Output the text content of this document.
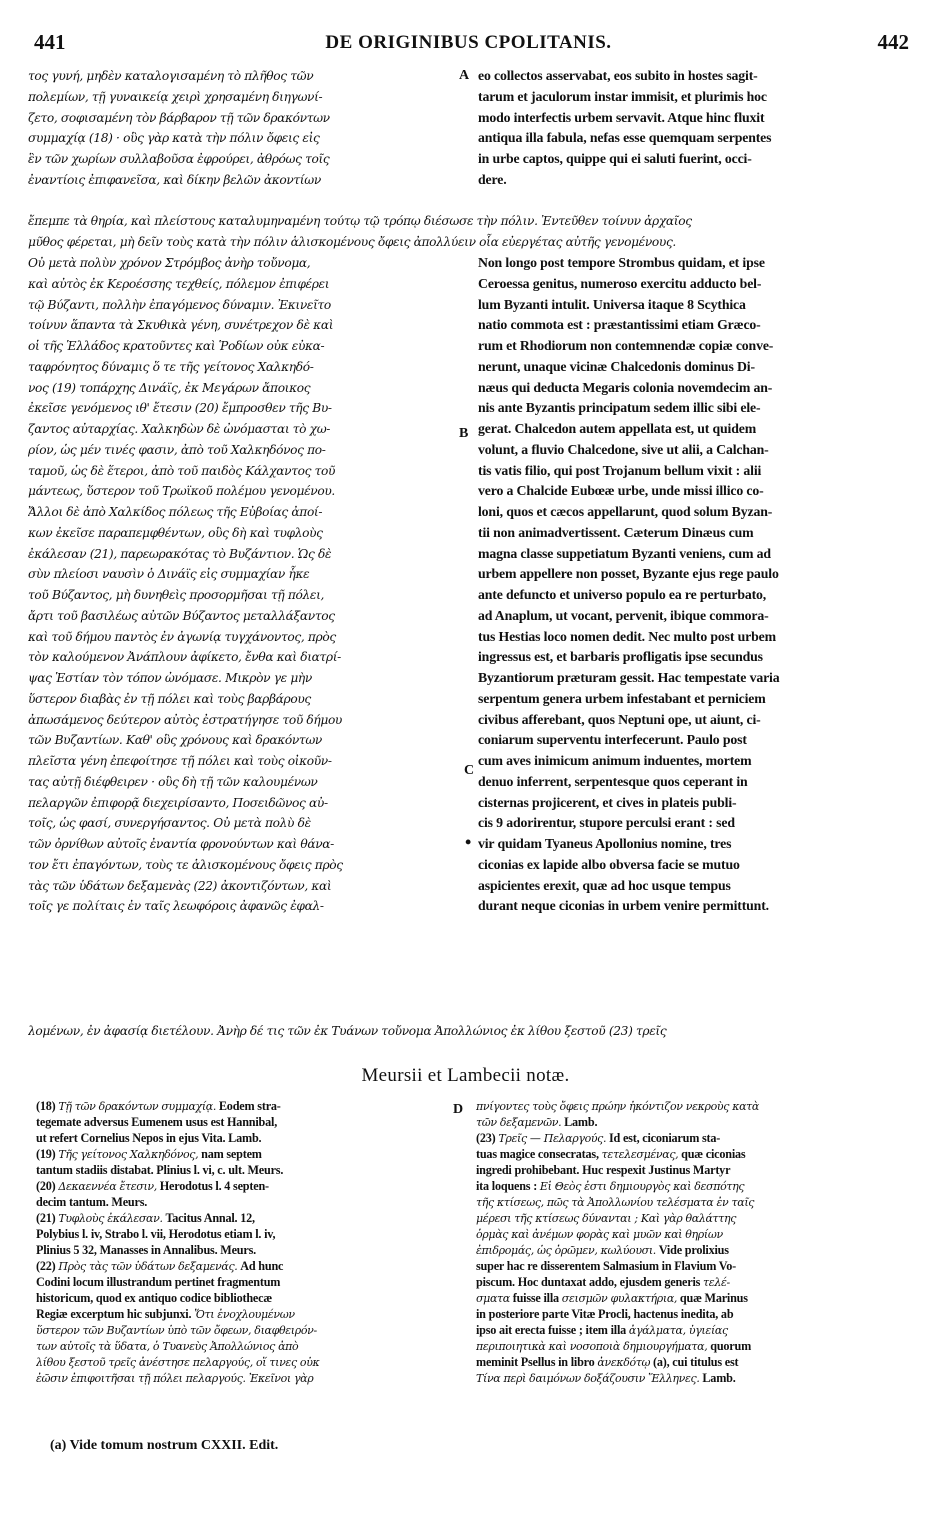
441	DE ORIGINIBUS CPOLITANIS.	442
τος γυνή, μηδὲν καταλογισαμένη τὸ πλῆθος τῶν
πολεμίων, τῇ γυναικείᾳ χειρὶ χρησαμένη διηγωνί-
ζετο, σοφισαμένη τὸν βάρβαρον τῇ τῶν δρακόντων
συμμαχίᾳ (18) · οὓς γὰρ κατὰ τὴν πόλιν ὄφεις εἰς
ἓν τῶν χωρίων συλλαβοῦσα ἐφρούρει, ἀθρόως τοῖς
ἐναντίοις ἐπιφανεῖσα, καὶ δίκην βελῶν ἀκοντίων
eo collectos asservabat, eos subito in hostes sagit-
tarum et jaculorum instar immisit, et plurimis hoc
modo interfectis urbem servavit. Atque hinc fluxit
antiqua illa fabula, nefas esse quemquam serpentes
in urbe captos, quippe qui ei saluti fuerint, occi-
dere.
ἔπεμπε τὰ θηρία, καὶ πλείστους καταλυμηναμένη τούτῳ τῷ τρόπῳ διέσωσε τὴν πόλιν. Ἐντεῦθεν τοίνυν ἀρχαῖος
μῦθος φέρεται, μὴ δεῖν τοὺς κατὰ τὴν πόλιν ἁλισκομένους ὄφεις ἀπολλύειν οἷα εὐεργέτας αὐτῆς γενομένους.
Οὐ μετὰ πολὺν χρόνον Στρόμβος ἀνὴρ τοὔνομα,
καὶ αὐτὸς ἐκ Κεροέσσης τεχθείς, πόλεμον ἐπιφέρει
τῷ Βύζαντι, πολλὴν ἐπαγόμενος δύναμιν. Ἐκινεῖτο
τοίνυν ἅπαντα τὰ Σκυθικὰ γένη, συνέτρεχον δὲ καὶ
οἱ τῆς Ἑλλάδος κρατοῦντες καὶ Ῥοδίων οὐκ εὐκα-
ταφρόνητος δύναμις ὅ τε τῆς γείτονος Χαλκηδό-
νος (19) τοπάρχης Δινάϊς, ἐκ Μεγάρων ἄποικος
ἐκεῖσε γενόμενος ιθ' ἔτεσιν (20) ἔμπροσθεν τῆς Βυ-
ζαντος αὐταρχίας. Χαλκηδὼν δὲ ὠνόμασται τὸ χω-
ρίον, ὡς μέν τινές φασιν, ἀπὸ τοῦ Χαλκηδόνος πο-
ταμοῦ, ὡς δὲ ἕτεροι, ἀπὸ τοῦ παιδὸς Κάλχαντος τοῦ
μάντεως, ὕστερον τοῦ Τρωϊκοῦ πολέμου γενομένου.
Ἄλλοι δὲ ἀπὸ Χαλκίδος πόλεως τῆς Εὐβοίας ἀποί-
κων ἐκεῖσε παραπεμφθέντων, οὓς δὴ καὶ τυφλοὺς
ἐκάλεσαν (21), παρεωρακότας τὸ Βυζάντιον. Ὡς δὲ
σὺν πλείοσι ναυσὶν ὁ Δινάϊς εἰς συμμαχίαν ἧκε
τοῦ Βύζαντος, μὴ δυνηθεὶς προσορμῆσαι τῇ πόλει,
ἄρτι τοῦ βασιλέως αὐτῶν Βύζαντος μεταλλάξαντος
καὶ τοῦ δήμου παντὸς ἐν ἀγωνίᾳ τυγχάνοντος, πρὸς
τὸν καλούμενον Ἀνάπλουν ἀφίκετο, ἔνθα καὶ διατρί-
ψας Ἑστίαν τὸν τόπον ὠνόμασε. Μικρὸν γε μὴν
ὕστερον διαβὰς ἐν τῇ πόλει καὶ τοὺς βαρβάρους
ἀπωσάμενος δεύτερον αὐτὸς ἐστρατήγησε τοῦ δήμου
τῶν Βυζαντίων. Καθ' οὓς χρόνους καὶ δρακόντων
πλεῖστα γένη ἐπεφοίτησε τῇ πόλει καὶ τοὺς οἰκοῦν-
τας αὐτῇ διέφθειρεν · οὓς δὴ τῇ τῶν καλουμένων
πελαργῶν ἐπιφορᾷ διεχειρίσαντο, Ποσειδῶνος αὐ-
τοῖς, ὡς φασί, συνεργήσαντος. Οὐ μετὰ πολὺ δὲ
τῶν ὀρνίθων αὐτοῖς ἐναντία φρονούντων καὶ θάνα-
τον ἔτι ἐπαγόντων, τοὺς τε ἁλισκομένους ὄφεις πρὸς
τὰς τῶν ὑδάτων δεξαμενὰς (22) ἀκοντιζόντων, καὶ
τοῖς γε πολίταις ἐν ταῖς λεωφόροις ἀφανῶς ἐφαλ-
Non longo post tempore Strombus quidam, et ipse
Ceroessa genitus, numeroso exercitu adducto bel-
lum Byzanti intulit. Universa itaque 8 Scythica
natio commota est : præstantissimi etiam Græco-
rum et Rhodiorum non contemnendæ copiæ conve-
nerunt, unaque vicinæ Chalcedonis dominus Di-
næus qui deducta Megaris colonia novemdecim an-
nis ante Byzantis principatum sedem illic sibi ele-
gerat. Chalcedon autem appellata est, ut quidem
volunt, a fluvio Chalcedone, sive ut alii, a Calchan-
tis vatis filio, qui post Trojanum bellum vixit : alii
vero a Chalcide Eubœæ urbe, unde missi illico co-
loni, quos et cæcos appellarunt, quod solum Byzan-
tii non animadvertissent. Cæterum Dinæus cum
magna classe suppetiatum Byzanti veniens, cum ad
urbem appellere non posset, Byzante ejus rege paulo
ante defuncto et universo populo ea re perturbato,
ad Anaplum, ut vocant, pervenit, ibique commora-
tus Hestias loco nomen dedit. Nec multo post urbem
ingressus est, et barbaris profligatis ipse secundus
Byzantiorum præturam gessit. Hac tempestate varia
serpentum genera urbem infestabant et perniciem
civibus afferebant, quos Neptuni ope, ut aiunt, ci-
coniarum superventu interfecerunt. Paulo post
cum aves inimicum animum induentes, mortem
denuo inferrent, serpentesque quos ceperant in
cisternas projicerent, et cives in plateis publi-
cis 9 adorirentur, stupore perculsi erant : sed
vir quidam Tyaneus Apollonius nomine, tres
ciconias ex lapide albo obversa facie se mutuo
aspicientes erexit, quæ ad hoc usque tempus
durant neque ciconias in urbem venire permittunt.
λομένων, ἐν ἀφασίᾳ διετέλουν. Ἀνὴρ δέ τις τῶν ἐκ Τυάνων τοὔνομα Ἀπολλώνιος ἐκ λίθου ξεστοῦ (23) τρεῖς
A
B
C
D
•
Meursii et Lambecii notæ.
(18) Τῇ τῶν δρακόντων συμμαχίᾳ. Eodem stra-
tegemate adversus Eumenem usus est Hannibal,
ut refert Cornelius Nepos in ejus Vita. Lamb.
(19) Τῆς γείτονος Χαλκηδόνος, nam septem
tantum stadiis distabat. Plinius l. vi, c. ult. Meurs.
(20) Δεκαεννέα ἔτεσιν, Herodotus l. 4 septen-
decim tantum. Meurs.
(21) Τυφλοὺς ἐκάλεσαν. Tacitus Annal. 12,
Polybius l. iv, Strabo l. vii, Herodotus etiam l. iv,
Plinius 5 32, Manasses in Annalibus. Meurs.
(22) Πρὸς τὰς τῶν ὑδάτων δεξαμενάς. Ad hunc
Codini locum illustrandum pertinet fragmentum
historicum, quod ex antiquo codice bibliothecæ
Regiæ excerptum hic subjunxi. Ὅτι ἐνοχλουμένων
ὕστερον τῶν Βυζαντίων ὑπὸ τῶν ὄφεων, διαφθειρόν-
των αὐτοῖς τὰ ὕδατα, ὁ Τυανεὺς Ἀπολλώνιος ἀπὸ
λίθου ξεστοῦ τρεῖς ἀνέστησε πελαργούς, οἵ τινες οὐκ
ἐῶσιν ἐπιφοιτῆσαι τῇ πόλει πελαργούς. Ἐκεῖνοι γὰρ
πνίγοντες τοὺς ὄφεις πρώην ἠκόντιζον νεκροὺς κατὰ
τῶν δεξαμενῶν. Lamb.
(23) Τρεῖς — Πελαργούς. Id est, ciconiarum sta-
tuas magice consecratas, τετελεσμένας, quæ ciconias
ingredi prohibebant. Huc respexit Justinus Martyr
ita loquens : Εἰ Θεὸς ἐστι δημιουργὸς καὶ δεσπότης
τῆς κτίσεως, πῶς τὰ Ἀπολλωνίου τελέσματα ἐν ταῖς
μέρεσι τῆς κτίσεως δύνανται ; Καὶ γὰρ θαλάττης
ὁρμὰς καὶ ἀνέμων φορὰς καὶ μυῶν καὶ θηρίων
ἐπιδρομάς, ὡς ὁρῶμεν, κωλύουσι. Vide prolixius
super hac re disserentem Salmasium in Flavium Vo-
piscum. Hoc duntaxat addo, ejusdem generis τελέ-
σματα fuisse illa σεισμῶν φυλακτήρια, quæ Marinus
in posteriore parte Vitæ Procli, hactenus inedita, ab
ipso ait erecta fuisse ; item illa ἀγάλματα, ὑγιείας
περιποιητικὰ καὶ νοσοποιὰ δημιουργήματα, quorum
meminit Psellus in libro ἀνεκδότῳ (a), cui titulus est
Τίνα περὶ δαιμόνων δοξάζουσιν Ἕλληνες. Lamb.
(a) Vide tomum nostrum CXXII. Edit.
